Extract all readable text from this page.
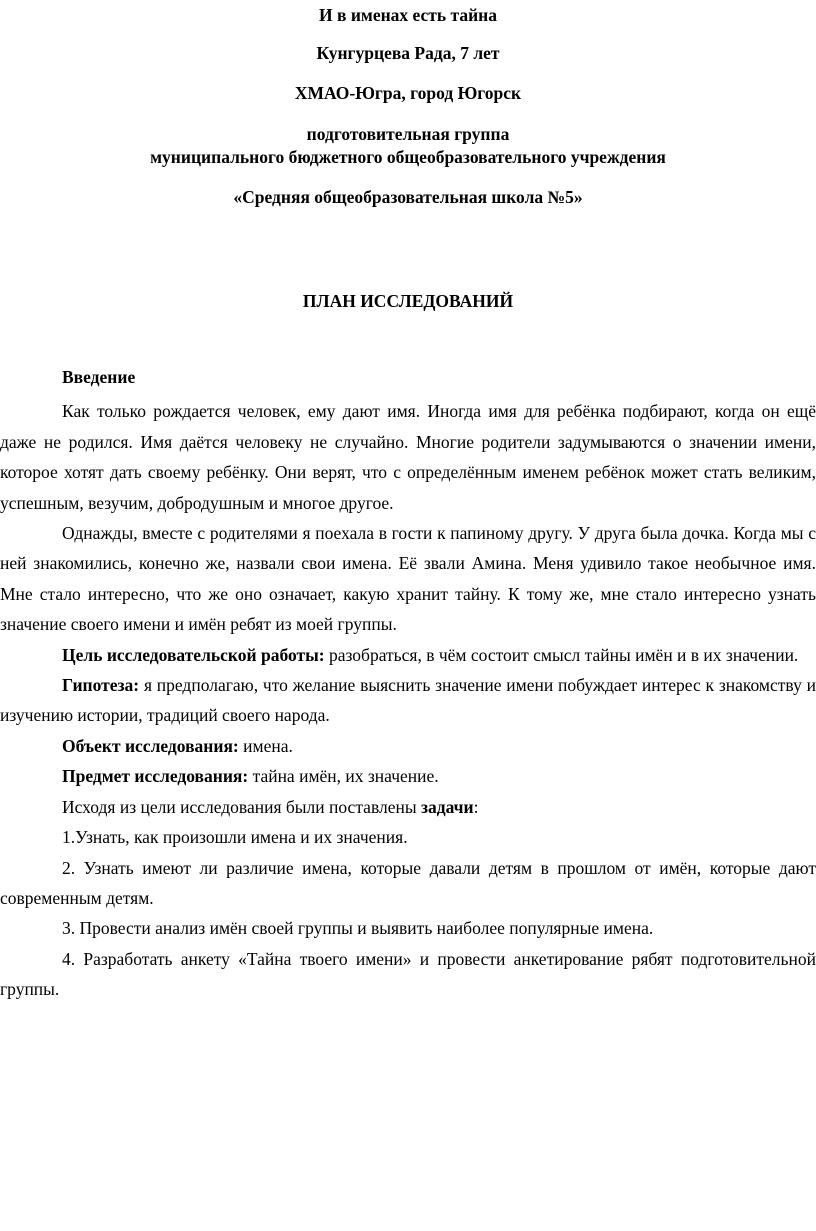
И в именах есть тайна
Кунгурцева Рада, 7 лет
ХМАО-Югра, город Югорск
подготовительная группа
муниципального бюджетного общеобразовательного учреждения
«Средняя общеобразовательная школа №5»
ПЛАН ИССЛЕДОВАНИЙ

Введение

Как только рождается человек, ему дают имя. Иногда имя для ребёнка подбирают, когда он ещё даже не родился. Имя даётся человеку не случайно. Многие родители задумываются о значении имени, которое хотят дать своему ребёнку. Они верят, что с определённым именем ребёнок может стать великим, успешным, везучим, добродушным и многое другое.

Однажды, вместе с родителями я поехала в гости к папиному другу. У друга была дочка. Когда мы с ней знакомились, конечно же, назвали свои имена. Её звали Амина. Меня удивило такое необычное имя. Мне стало интересно, что же оно означает, какую хранит тайну. К тому же, мне стало интересно узнать значение своего имени и имён ребят из моей группы.

Цель исследовательской работы: разобраться, в чём состоит смысл тайны имён и в их значении.

Гипотеза: я предполагаю, что желание выяснить значение имени побуждает интерес к знакомству и изучению истории, традиций своего народа.

Объект исследования: имена.

Предмет исследования: тайна имён, их значение.

Исходя из цели исследования были поставлены задачи:

1.Узнать, как произошли имена и их значения.

2. Узнать имеют ли различие имена, которые давали детям в прошлом от имён, которые дают современным детям.

3. Провести анализ имён своей группы и выявить наиболее популярные имена.

4. Разработать анкету «Тайна твоего имени» и провести анкетирование рябят подготовительной группы.
